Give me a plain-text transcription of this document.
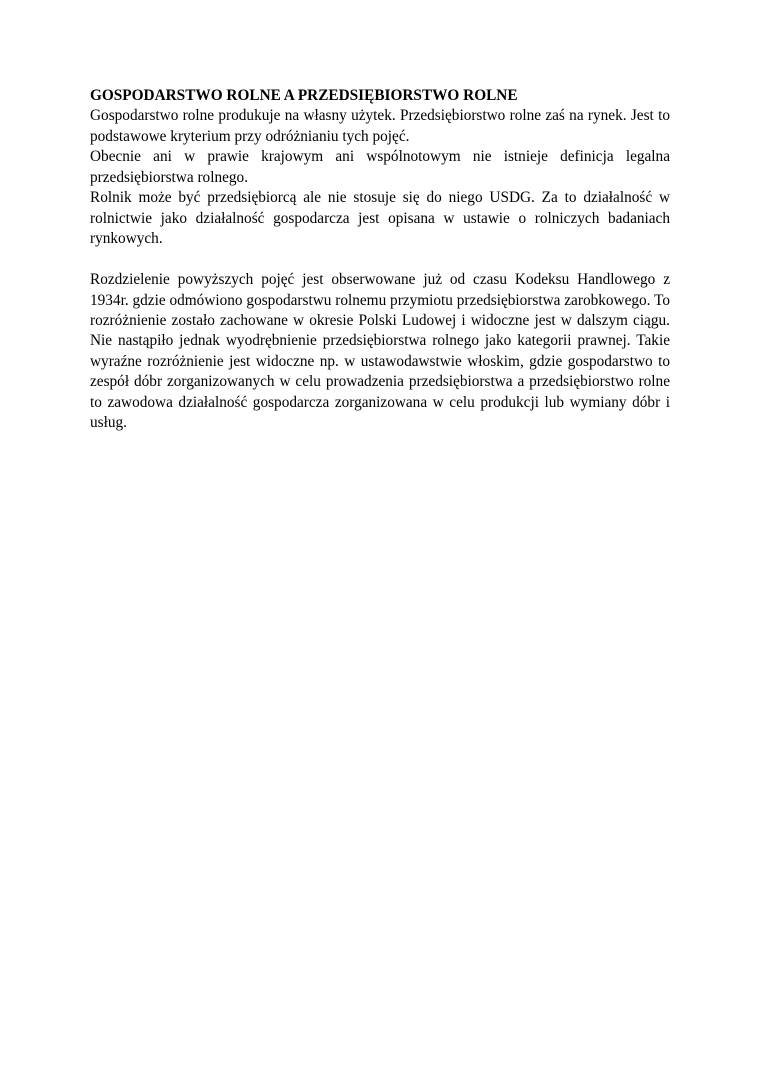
GOSPODARSTWO ROLNE A PRZEDSIĘBIORSTWO ROLNE

Gospodarstwo rolne produkuje na własny użytek. Przedsiębiorstwo rolne zaś na rynek. Jest to podstawowe kryterium przy odróżnianiu tych pojęć.

Obecnie ani w prawie krajowym ani wspólnotowym nie istnieje definicja legalna przedsiębiorstwa rolnego.

Rolnik może być przedsiębiorcą ale nie stosuje się do niego USDG. Za to działalność w rolnictwie jako działalność gospodarcza jest opisana w ustawie o rolniczych badaniach rynkowych.

Rozdzielenie powyższych pojęć jest obserwowane już od czasu Kodeksu Handlowego z 1934r. gdzie odmówiono gospodarstwu rolnemu przymiotu przedsiębiorstwa zarobkowego. To rozróżnienie zostało zachowane w okresie Polski Ludowej i widoczne jest w dalszym ciągu. Nie nastąpiło jednak wyodrębnienie przedsiębiorstwa rolnego jako kategorii prawnej. Takie wyraźne rozróżnienie jest widoczne np. w ustawodawstwie włoskim, gdzie gospodarstwo to zespół dóbr zorganizowanych w celu prowadzenia przedsiębiorstwa a przedsiębiorstwo rolne to zawodowa działalność gospodarcza zorganizowana w celu produkcji lub wymiany dóbr i usług.
